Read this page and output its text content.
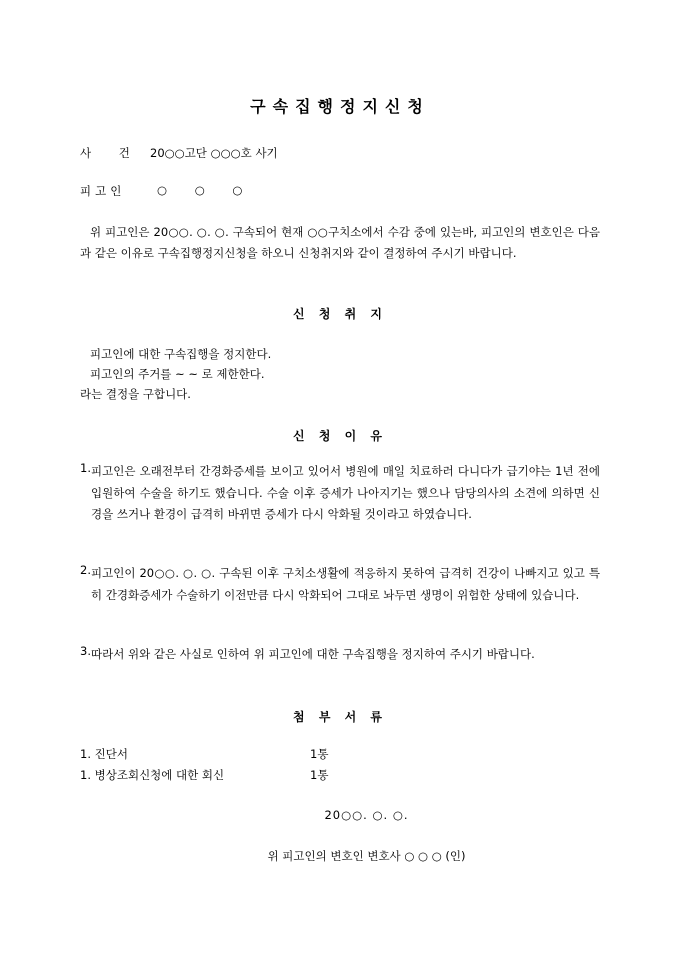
구속집행정지신청
사 건 20○○고단 ○○○호 사기
피고인	○ ○ ○
위 피고인은 20○○. ○. ○. 구속되어 현재 ○○구치소에서 수감 중에 있는바, 피고인의 변호인은 다음과 같은 이유로 구속집행정지신청을 하오니 신청취지와 같이 결정하여 주시기 바랍니다.
신 청 취 지
피고인에 대한 구속집행을 정지한다.
피고인의 주거를 ~ ~ 로 제한한다.
라는 결정을 구합니다.
신 청 이 유
1. 피고인은 오래전부터 간경화증세를 보이고 있어서 병원에 매일 치료하러 다니다가 급기야는 1년 전에 입원하여 수술을 하기도 했습니다. 수술 이후 증세가 나아지기는 했으나 담당의사의 소견에 의하면 신경을 쓰거나 환경이 급격히 바뀌면 증세가 다시 악화될 것이라고 하였습니다.
2. 피고인이 20○○. ○. ○. 구속된 이후 구치소생활에 적응하지 못하여 급격히 건강이 나빠지고 있고 특히 간경화증세가 수술하기 이전만큼 다시 악화되어 그대로 놔두면 생명이 위험한 상태에 있습니다.
3. 따라서 위와 같은 사실로 인하여 위 피고인에 대한 구속집행을 정지하여 주시기 바랍니다.
첨 부 서 류
1. 진단서	1통
1. 병상조회신청에 대한 회신	1통
20○○. ○. ○.
위 피고인의 변호인 변호사 ○ ○ ○ (인)
